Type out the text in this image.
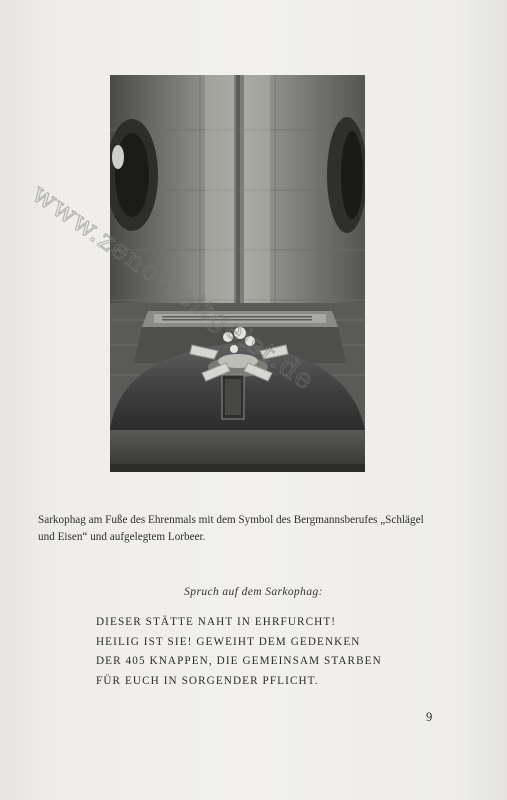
Sarkophag am Fuße des Ehrenmals mit dem Symbol des Bergmannsberufes „Schlägel
und Eisen“ und aufgelegtem Lorbeer.

Spruch auf dem Sarkophag:

DIESER STÄTTE NAHT IN EHRFURCHT!
HEILIG IST SIE! GEWEIHT DEM GEDENKEN
DER 405 KNAPPEN, DIE GEMEINSAM STARBEN
FÜR EUCH IN SORGENDER PFLICHT.

9
